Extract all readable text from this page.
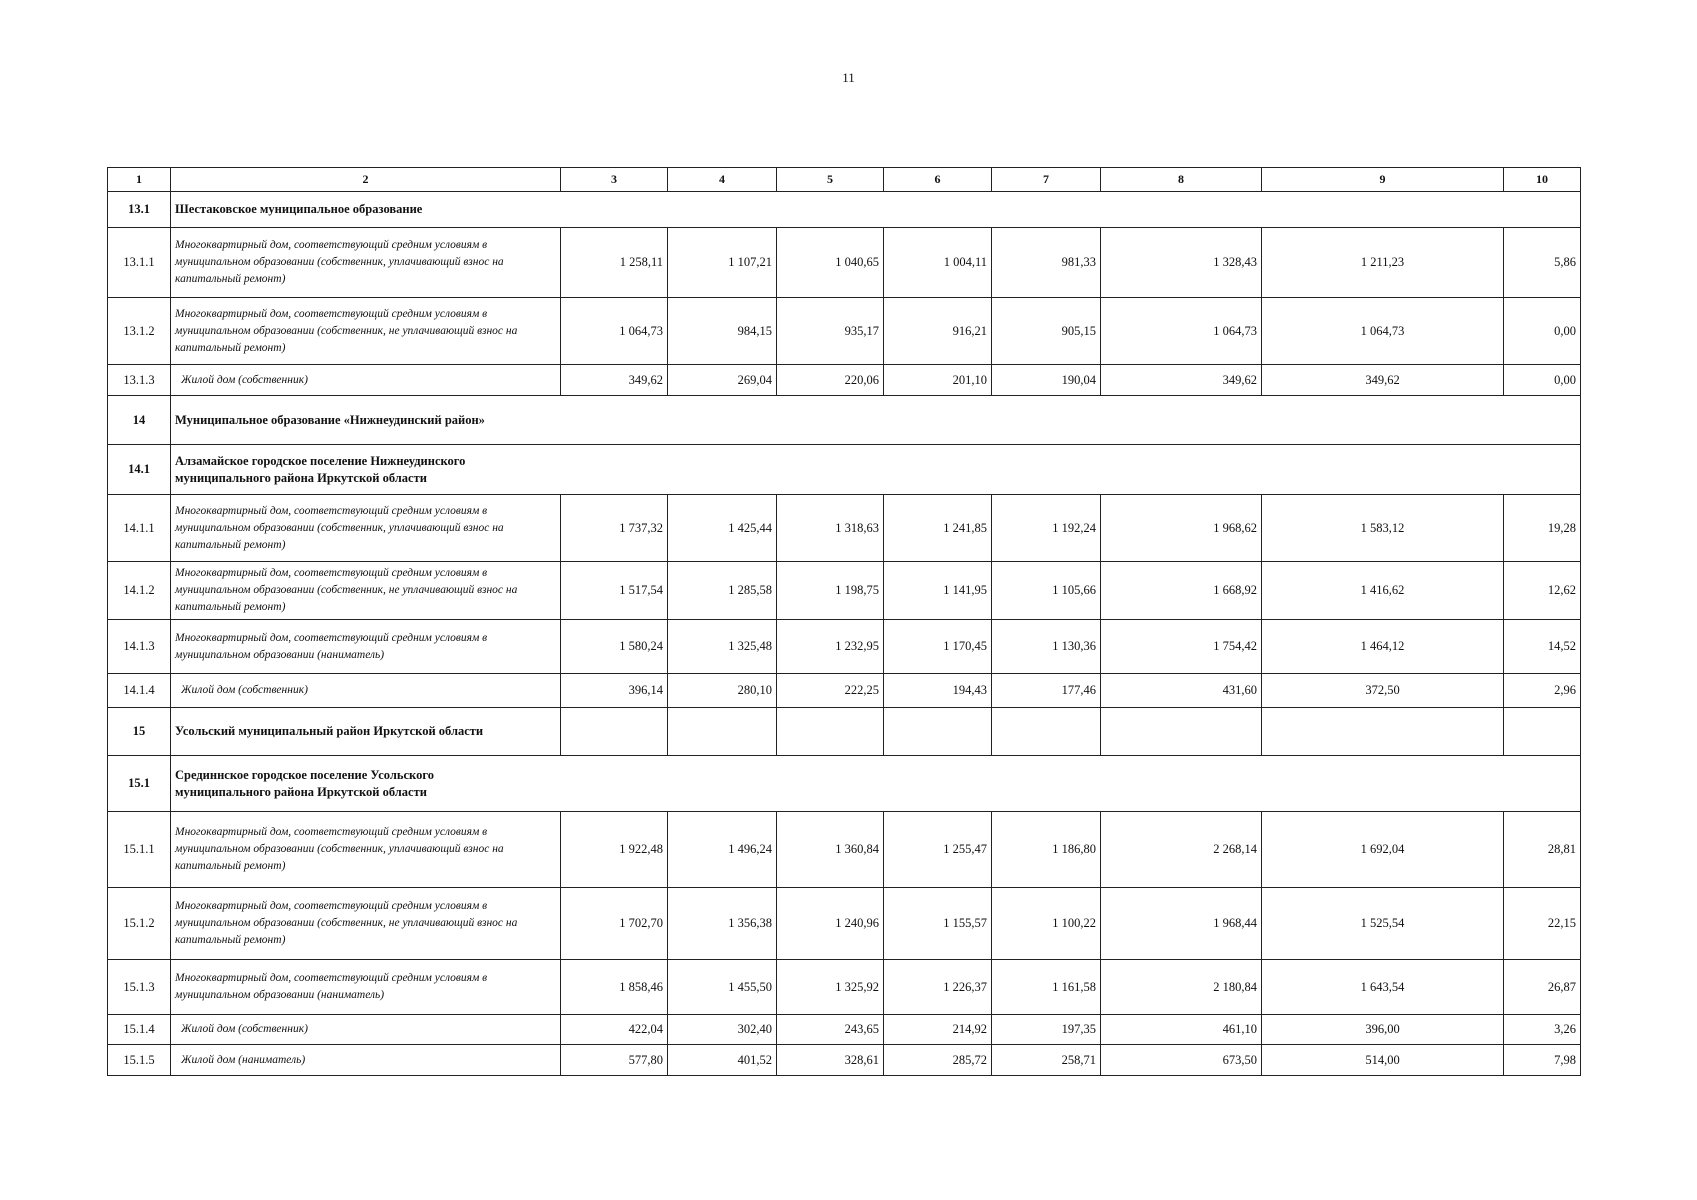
11
1	2	3	4	5	6	7	8	9	10
13.1	Шестаковское муниципальное образование								
13.1.1	Многоквартирный дом, соответствующий средним условиям в муниципальном образовании (собственник, уплачивающий взнос на капитальный ремонт)	1 258,11	1 107,21	1 040,65	1 004,11	981,33	1 328,43	1 211,23	5,86
13.1.2	Многоквартирный дом, соответствующий средним условиям в муниципальном образовании (собственник, не уплачивающий взнос на капитальный ремонт)	1 064,73	984,15	935,17	916,21	905,15	1 064,73	1 064,73	0,00
13.1.3	Жилой дом (собственник)	349,62	269,04	220,06	201,10	190,04	349,62	349,62	0,00
14	Муниципальное образование «Нижнеудинский район»								
14.1	Алзамайское городское поселение Нижнеудинского муниципального района Иркутской области								

14.1.1	Многоквартирный дом, соответствующий средним условиям в муниципальном образовании (собственник, уплачивающий взнос на капитальный ремонт)	1 737,32	1 425,44	1 318,63	1 241,85	1 192,24	1 968,62	1 583,12	19,28
14.1.2	Многоквартирный дом, соответствующий средним условиям в муниципальном образовании (собственник, не уплачивающий взнос на капитальный ремонт)	1 517,54	1 285,58	1 198,75	1 141,95	1 105,66	1 668,92	1 416,62	12,62
14.1.3	Многоквартирный дом, соответствующий средним условиям в муниципальном образовании (наниматель)	1 580,24	1 325,48	1 232,95	1 170,45	1 130,36	1 754,42	1 464,12	14,52
14.1.4	Жилой дом (собственник)	396,14	280,10	222,25	194,43	177,46	431,60	372,50	2,96
15	Усольский муниципальный район Иркутской области								
15.1	Срединнское городское поселение Усольского муниципального района Иркутской области								

15.1.1	Многоквартирный дом, соответствующий средним условиям в муниципальном образовании (собственник, уплачивающий взнос на капитальный ремонт)	1 922,48	1 496,24	1 360,84	1 255,47	1 186,80	2 268,14	1 692,04	28,81
15.1.2	Многоквартирный дом, соответствующий средним условиям в муниципальном образовании (собственник, не уплачивающий взнос на капитальный ремонт)	1 702,70	1 356,38	1 240,96	1 155,57	1 100,22	1 968,44	1 525,54	22,15
15.1.3	Многоквартирный дом, соответствующий средним условиям в муниципальном образовании (наниматель)	1 858,46	1 455,50	1 325,92	1 226,37	1 161,58	2 180,84	1 643,54	26,87
15.1.4	Жилой дом (собственник)	422,04	302,40	243,65	214,92	197,35	461,10	396,00	3,26
15.1.5	Жилой дом (наниматель)	577,80	401,52	328,61	285,72	258,71	673,50	514,00	7,98
